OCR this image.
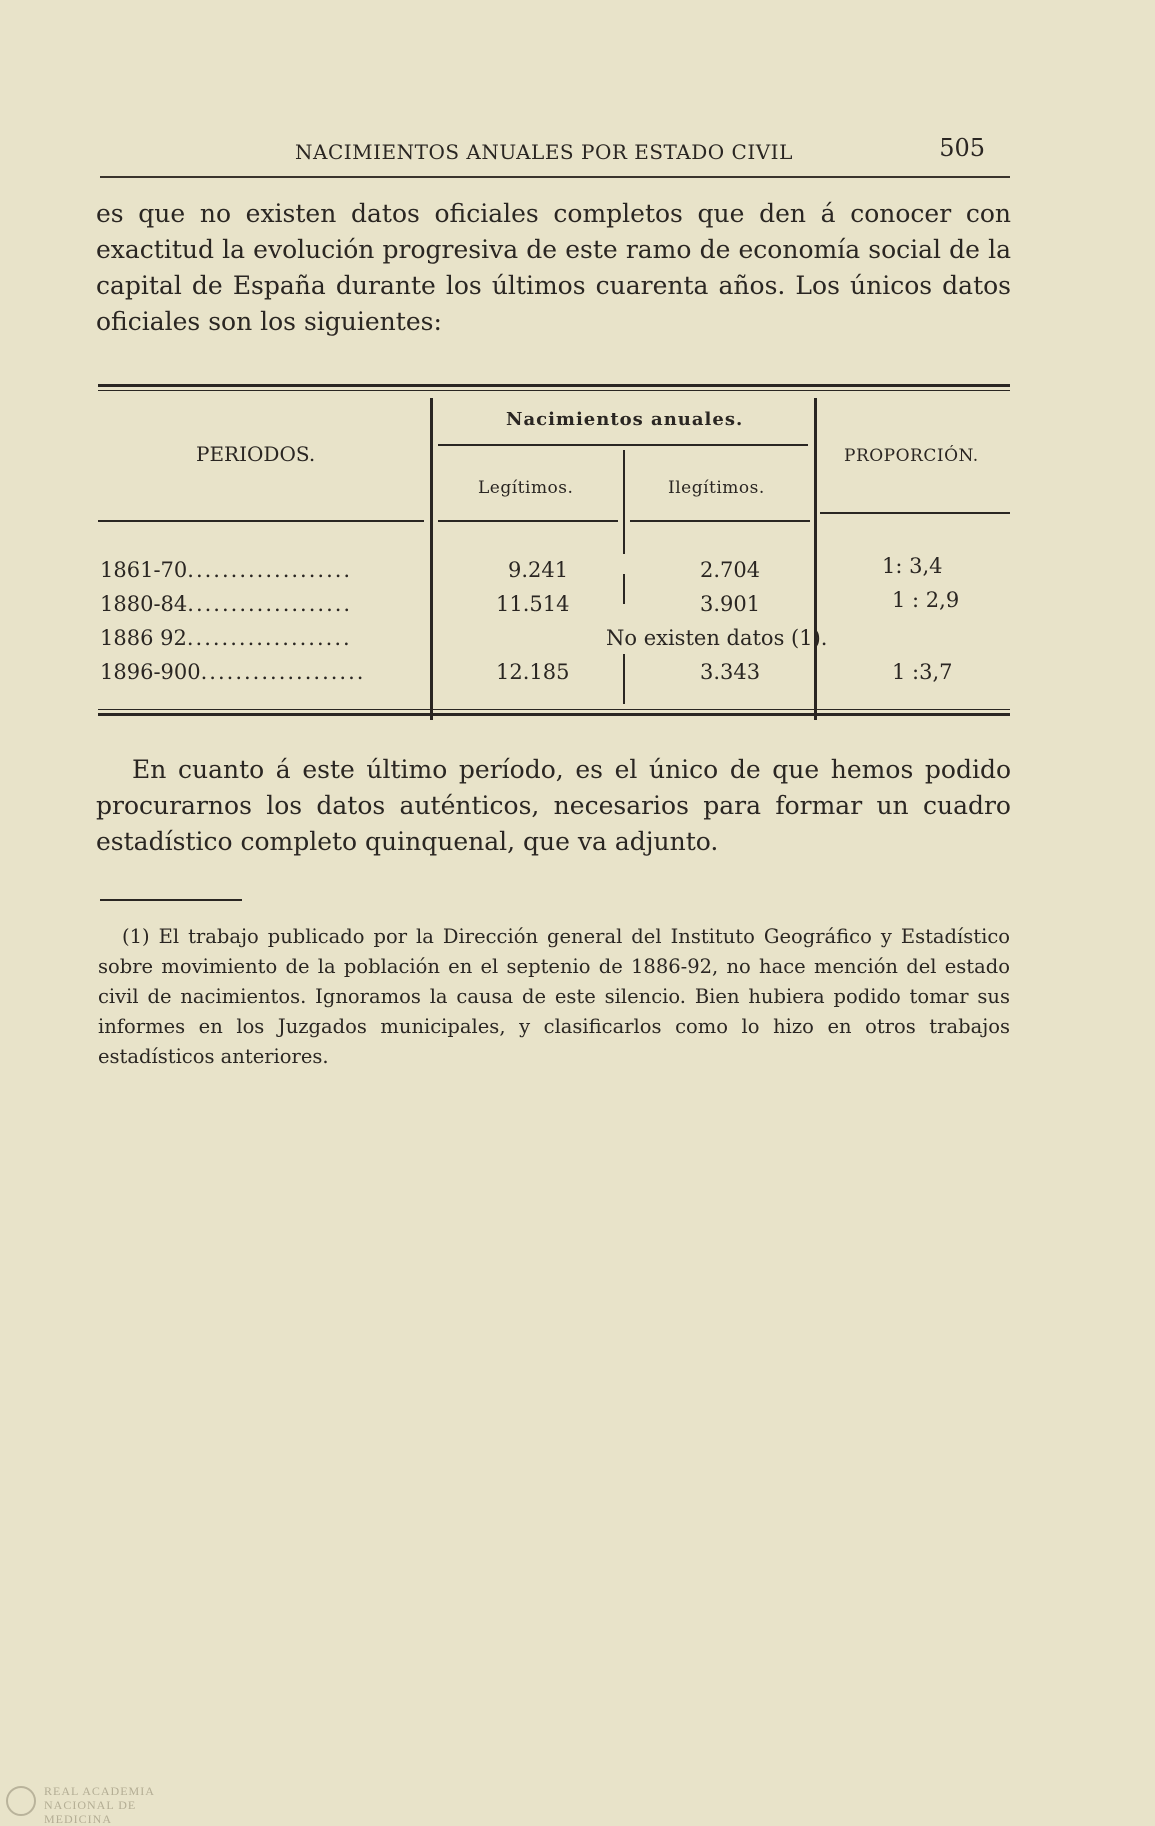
NACIMIENTOS ANUALES POR ESTADO CIVIL	505
es que no existen datos oficiales completos que den á conocer con exactitud la evolución progresiva de este ramo de economía social de la capital de España durante los últimos cuarenta años. Los únicos datos oficiales son los siguientes:
PERIODOS.
Nacimientos anuales.
Legítimos.	Ilegítimos.
PROPORCIÓN.
1861-70...................	9.241	2.704	1: 3,4
1880-84...................	11.514	3.901	1 : 2,9
1886 92...................	No existen datos (1).
1896-900...................	12.185	3.343	1 :3,7
En cuanto á este último período, es el único de que hemos podido procurarnos los datos auténticos, necesarios para formar un cuadro estadístico completo quinquenal, que va adjunto.
(1) El trabajo publicado por la Dirección general del Instituto Geográfico y Estadístico sobre movimiento de la población en el septenio de 1886-92, no hace mención del estado civil de nacimientos. Ignoramos la causa de este silencio. Bien hubiera podido tomar sus informes en los Juzgados municipales, y clasificarlos como lo hizo en otros trabajos estadísticos anteriores.
REAL ACADEMIA
NACIONAL DE MEDICINA
